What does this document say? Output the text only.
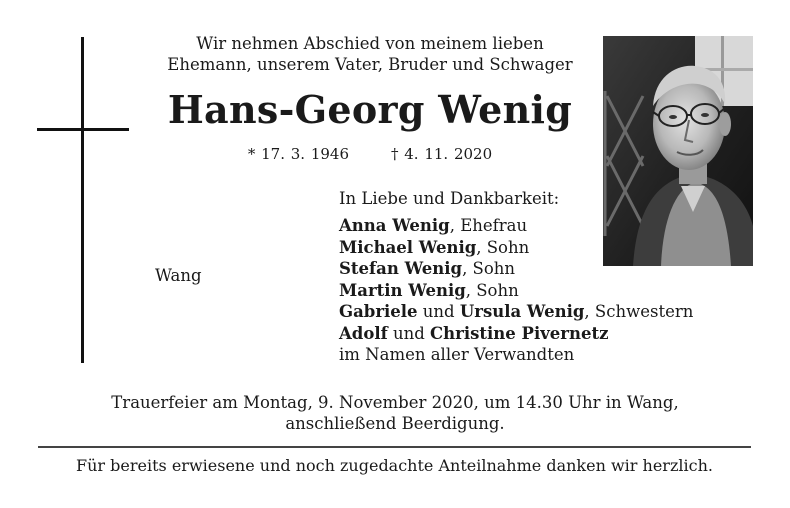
Wir nehmen Abschied von meinem lieben
Ehemann, unserem Vater, Bruder und Schwager
Hans-Georg Wenig
* 17. 3. 1946	† 4. 11. 2020
Wang
In Liebe und Dankbarkeit:
Anna Wenig, Ehefrau
Michael Wenig, Sohn
Stefan Wenig, Sohn
Martin Wenig, Sohn
Gabriele und Ursula Wenig, Schwestern
Adolf und Christine Pivernetz
im Namen aller Verwandten
Trauerfeier am Montag, 9. November 2020, um 14.30 Uhr in Wang,
anschließend Beerdigung.
Für bereits erwiesene und noch zugedachte Anteilnahme danken wir herzlich.
